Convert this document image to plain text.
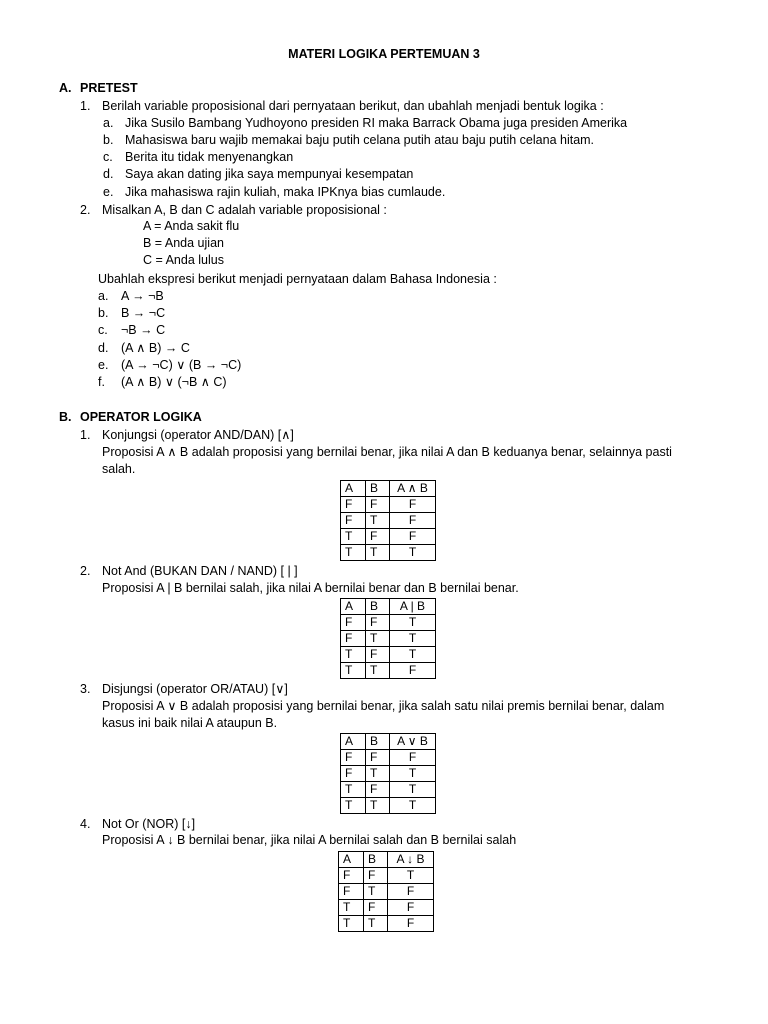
MATERI LOGIKA PERTEMUAN 3
A. PRETEST
1. Berilah variable proposisional dari pernyataan berikut, dan ubahlah menjadi bentuk logika :
a. Jika Susilo Bambang Yudhoyono presiden RI maka Barrack Obama juga presiden Amerika
b. Mahasiswa baru wajib memakai baju putih celana putih atau baju putih celana hitam.
c. Berita itu tidak menyenangkan
d. Saya akan dating jika saya mempunyai kesempatan
e. Jika mahasiswa rajin kuliah, maka IPKnya bias cumlaude.
2. Misalkan A, B dan C adalah variable proposisional :
A = Anda sakit flu
B = Anda ujian
C = Anda lulus
Ubahlah ekspresi berikut menjadi pernyataan dalam Bahasa Indonesia :
a. A → ¬B
b. B → ¬C
c. ¬B → C
d. (A ∧ B) → C
e. (A → ¬C) ∨ (B → ¬C)
f. (A ∧ B) ∨ (¬B ∧ C)
B. OPERATOR LOGIKA
1. Konjungsi (operator AND/DAN) [∧]
Proposisi A ∧ B adalah proposisi yang bernilai benar, jika nilai A dan B keduanya benar, selainnya pasti
salah.
A	B	A ∧ B
F	F	F
F	T	F
T	F	F
T	T	T
2. Not And (BUKAN DAN / NAND) [ | ]
Proposisi A | B bernilai salah, jika nilai A bernilai benar dan B bernilai benar.
A	B	A | B
F	F	T
F	T	T
T	F	T
T	T	F
3. Disjungsi (operator OR/ATAU) [∨]
Proposisi A ∨ B adalah proposisi yang bernilai benar, jika salah satu nilai premis bernilai benar, dalam
kasus ini baik nilai A ataupun B.
A	B	A ∨ B
F	F	F
F	T	T
T	F	T
T	T	T
4. Not Or (NOR) [↓]
Proposisi A ↓ B bernilai benar, jika nilai A bernilai salah dan B bernilai salah
A	B	A ↓ B
F	F	T
F	T	F
T	F	F
T	T	F
